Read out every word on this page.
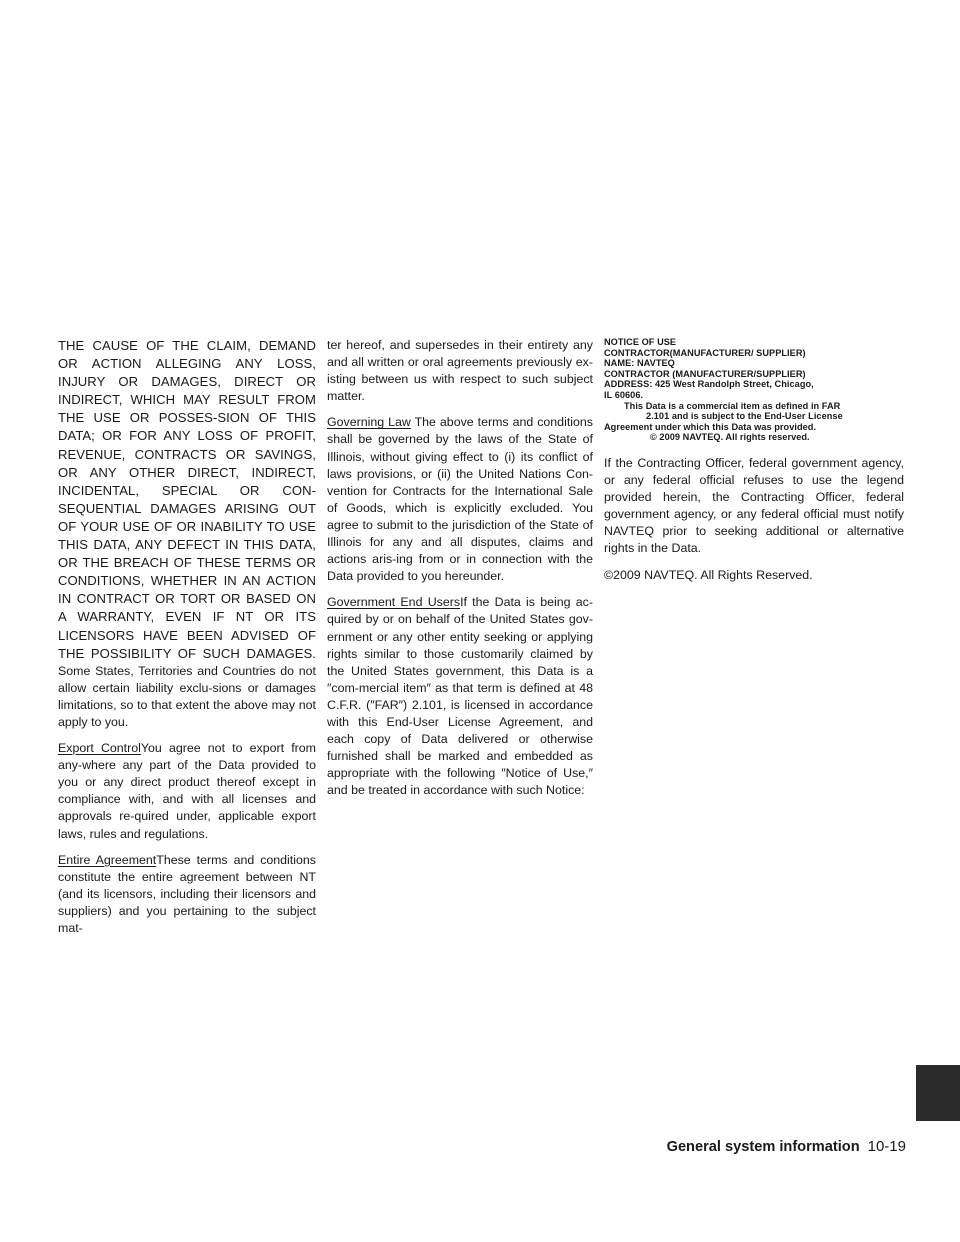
THE CAUSE OF THE CLAIM, DEMAND OR ACTION ALLEGING ANY LOSS, INJURY OR DAMAGES, DIRECT OR INDIRECT, WHICH MAY RESULT FROM THE USE OR POSSES-SION OF THIS DATA; OR FOR ANY LOSS OF PROFIT, REVENUE, CONTRACTS OR SAVINGS, OR ANY OTHER DIRECT, INDIRECT, INCIDENTAL, SPECIAL OR CON-SEQUENTIAL DAMAGES ARISING OUT OF YOUR USE OF OR INABILITY TO USE THIS DATA, ANY DEFECT IN THIS DATA, OR THE BREACH OF THESE TERMS OR CONDITIONS, WHETHER IN AN ACTION IN CONTRACT OR TORT OR BASED ON A WARRANTY, EVEN IF NT OR ITS LICENSORS HAVE BEEN ADVISED OF THE POSSIBILITY OF SUCH DAMAGES. Some States, Territories and Countries do not allow certain liability exclu-sions or damages limitations, so to that extent the above may not apply to you.

Export ControlYou agree not to export from any-where any part of the Data provided to you or any direct product thereof except in compliance with, and with all licenses and approvals re-quired under, applicable export laws, rules and regulations.

Entire AgreementThese terms and conditions constitute the entire agreement between NT (and its licensors, including their licensors and suppliers) and you pertaining to the subject mat-

ter hereof, and supersedes in their entirety any and all written or oral agreements previously ex-isting between us with respect to such subject matter.

Governing Law The above terms and conditions shall be governed by the laws of the State of Illinois, without giving effect to (i) its conflict of laws provisions, or (ii) the United Nations Con-vention for Contracts for the International Sale of Goods, which is explicitly excluded. You agree to submit to the jurisdiction of the State of Illinois for any and all disputes, claims and actions aris-ing from or in connection with the Data provided to you hereunder.

Government End UsersIf the Data is being ac-quired by or on behalf of the United States gov-ernment or any other entity seeking or applying rights similar to those customarily claimed by the United States government, this Data is a ″com-mercial item″ as that term is defined at 48 C.F.R. (″FAR″) 2.101, is licensed in accordance with this End-User License Agreement, and each copy of Data delivered or otherwise furnished shall be marked and embedded as appropriate with the following ″Notice of Use,″ and be treated in accordance with such Notice:

NOTICE OF USE
CONTRACTOR(MANUFACTURER/ SUPPLIER)
NAME: NAVTEQ
CONTRACTOR (MANUFACTURER/SUPPLIER)
ADDRESS: 425 West Randolph Street, Chicago,
IL 60606.
This Data is a commercial item as defined in FAR
2.101 and is subject to the End-User License
Agreement under which this Data was provided.
© 2009 NAVTEQ. All rights reserved.

If the Contracting Officer, federal government agency, or any federal official refuses to use the legend provided herein, the Contracting Officer, federal government agency, or any federal official must notify NAVTEQ prior to seeking additional or alternative rights in the Data.

©2009 NAVTEQ. All Rights Reserved.

General system information 10-19
